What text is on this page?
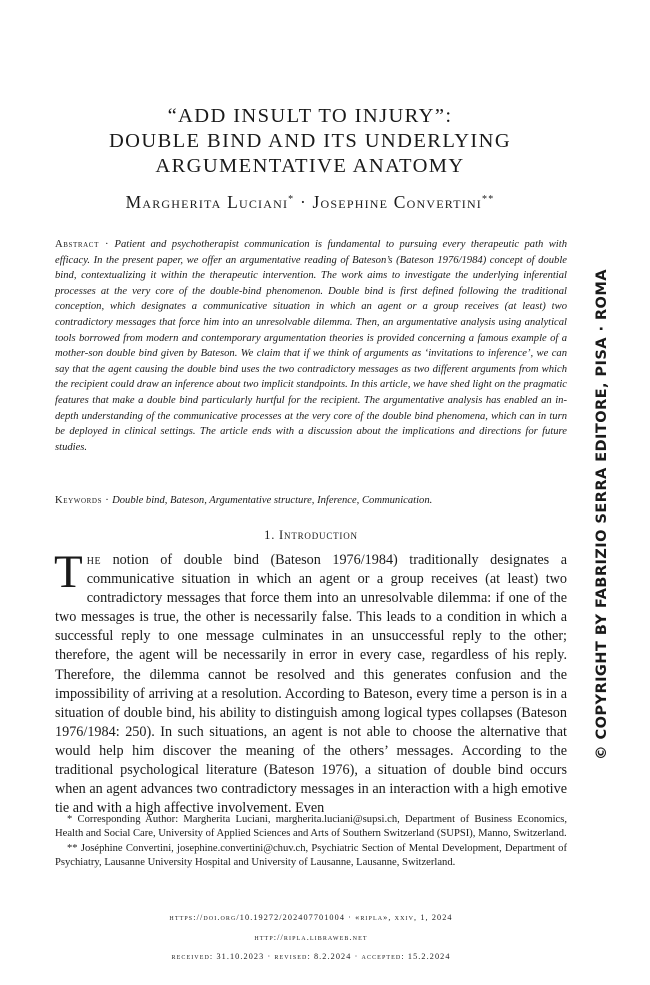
“ADD INSULT TO INJURY”:
DOUBLE BIND AND ITS UNDERLYING
ARGUMENTATIVE ANATOMY
Margherita Luciani* · Josephine Convertini**
Abstract · Patient and psychotherapist communication is fundamental to pursuing every therapeutic path with efficacy. In the present paper, we offer an argumentative reading of Bateson’s (Bateson 1976/1984) concept of double bind, contextualizing it within the therapeutic intervention. The work aims to investigate the underlying inferential processes at the very core of the double-bind phenomenon. Double bind is first defined following the traditional conception, which designates a communicative situation in which an agent or a group receives (at least) two contradictory messages that force him into an unresolvable dilemma. Then, an argumentative analysis using analytical tools borrowed from modern and contemporary argumentation theories is provided concerning a famous example of a mother-son double bind given by Bateson. We claim that if we think of arguments as ‘invitations to inference’, we can say that the agent causing the double bind uses the two contradictory messages as two different arguments from which the recipient could draw an inference about two implicit standpoints. In this article, we have shed light on the pragmatic features that make a double bind particularly hurtful for the recipient. The argumentative analysis has enabled an in-depth understanding of the communicative processes at the very core of the double bind phenomena, which can in turn be deployed in clinical settings. The article ends with a discussion about the implications and directions for future studies.
Keywords · Double bind, Bateson, Argumentative structure, Inference, Communication.
1. Introduction
The notion of double bind (Bateson 1976/1984) traditionally designates a communicative situation in which an agent or a group receives (at least) two contradictory messages that force them into an unresolvable dilemma: if one of the two messages is true, the other is necessarily false. This leads to a condition in which a successful reply to one message culminates in an unsuccessful reply to the other; therefore, the agent will be necessarily in error in every case, regardless of his reply. Therefore, the dilemma cannot be resolved and this generates confusion and the impossibility of arriving at a resolution. According to Bateson, every time a person is in a situation of double bind, his ability to distinguish among logical types collapses (Bateson 1976/1984: 250). In such situations, an agent is not able to choose the alternative that would help him discover the meaning of the others’ messages. According to the traditional psychological literature (Bateson 1976), a situation of double bind occurs when an agent advances two contradictory messages in an interaction with a high emotive tie and with a high affective involvement. Even

* Corresponding Author: Margherita Luciani, margherita.luciani@supsi.ch, Department of Business Economics, Health and Social Care, University of Applied Sciences and Arts of Southern Switzerland (SUPSI), Manno, Switzerland.

** Joséphine Convertini, josephine.convertini@chuv.ch, Psychiatric Section of Mental Development, Department of Psychiatry, Lausanne University Hospital and University of Lausanne, Lausanne, Switzerland.

https://doi.org/10.19272/202407701004 · «ripla», xxiv, 1, 2024
http://ripla.libraweb.net
received: 31.10.2023 · revised: 8.2.2024 · accepted: 15.2.2024
© COPYRIGHT BY FABRIZIO SERRA EDITORE, PISA · ROMA
